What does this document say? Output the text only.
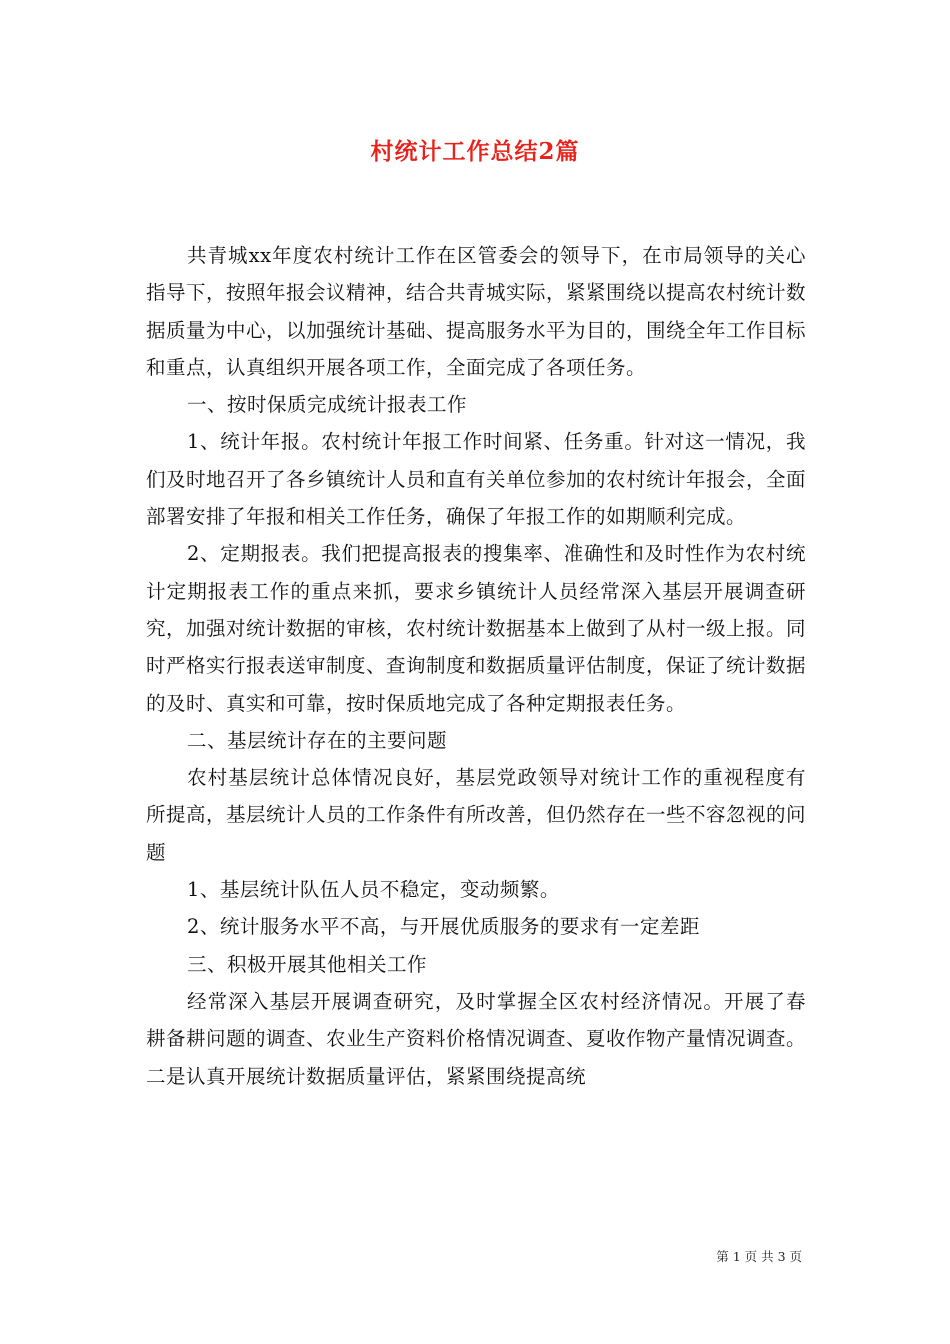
村统计工作总结2篇

共青城xx年度农村统计工作在区管委会的领导下，在市局领导的关心指导下，按照年报会议精神，结合共青城实际，紧紧围绕以提高农村统计数据质量为中心，以加强统计基础、提高服务水平为目的，围绕全年工作目标和重点，认真组织开展各项工作，全面完成了各项任务。

一、按时保质完成统计报表工作

1、统计年报。农村统计年报工作时间紧、任务重。针对这一情况，我们及时地召开了各乡镇统计人员和直有关单位参加的农村统计年报会，全面部署安排了年报和相关工作任务，确保了年报工作的如期顺利完成。

2、定期报表。我们把提高报表的搜集率、准确性和及时性作为农村统计定期报表工作的重点来抓，要求乡镇统计人员经常深入基层开展调查研究，加强对统计数据的审核，农村统计数据基本上做到了从村一级上报。同时严格实行报表送审制度、查询制度和数据质量评估制度，保证了统计数据的及时、真实和可靠，按时保质地完成了各种定期报表任务。

二、基层统计存在的主要问题

农村基层统计总体情况良好，基层党政领导对统计工作的重视程度有所提高，基层统计人员的工作条件有所改善，但仍然存在一些不容忽视的问题

1、基层统计队伍人员不稳定，变动频繁。

2、统计服务水平不高，与开展优质服务的要求有一定差距

三、积极开展其他相关工作

经常深入基层开展调查研究，及时掌握全区农村经济情况。开展了春耕备耕问题的调查、农业生产资料价格情况调查、夏收作物产量情况调查。二是认真开展统计数据质量评估，紧紧围绕提高统

第 1 页 共 3 页
